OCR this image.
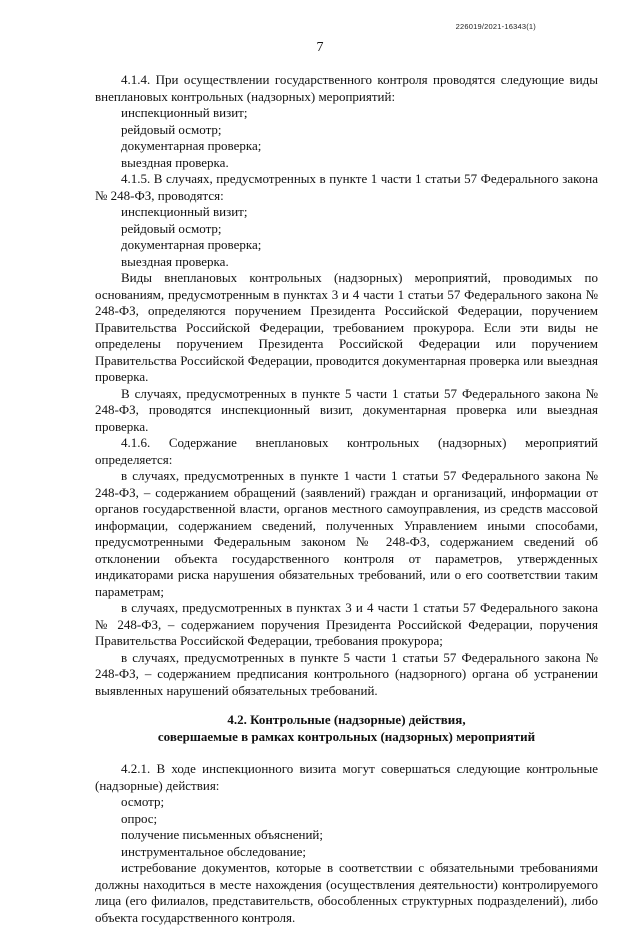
226019/2021-16343(1)
7

4.1.4. При осуществлении государственного контроля проводятся следующие виды внеплановых контрольных (надзорных) мероприятий:

инспекционный визит;

рейдовый осмотр;

документарная проверка;

выездная проверка.

4.1.5. В случаях, предусмотренных в пункте 1 части 1 статьи 57 Федерального закона № 248-ФЗ, проводятся:

инспекционный визит;

рейдовый осмотр;

документарная проверка;

выездная проверка.

Виды внеплановых контрольных (надзорных) мероприятий, проводимых по основаниям, предусмотренным в пунктах 3 и 4 части 1 статьи 57 Федерального закона № 248-ФЗ, определяются поручением Президента Российской Федерации, поручением Правительства Российской Федерации, требованием прокурора. Если эти виды не определены поручением Президента Российской Федерации или поручением Правительства Российской Федерации, проводится документарная проверка или выездная проверка.

В случаях, предусмотренных в пункте 5 части 1 статьи 57 Федерального закона № 248-ФЗ, проводятся инспекционный визит, документарная проверка или выездная проверка.

4.1.6. Содержание внеплановых контрольных (надзорных) мероприятий определяется:

в случаях, предусмотренных в пункте 1 части 1 статьи 57 Федерального закона № 248-ФЗ, – содержанием обращений (заявлений) граждан и организаций, информации от органов государственной власти, органов местного самоуправления, из средств массовой информации, содержанием сведений, полученных Управлением иными способами, предусмотренными Федеральным законом № 248-ФЗ, содержанием сведений об отклонении объекта государственного контроля от параметров, утвержденных индикаторами риска нарушения обязательных требований, или о его соответствии таким параметрам;

в случаях, предусмотренных в пунктах 3 и 4 части 1 статьи 57 Федерального закона № 248-ФЗ, – содержанием поручения Президента Российской Федерации, поручения Правительства Российской Федерации, требования прокурора;

в случаях, предусмотренных в пункте 5 части 1 статьи 57 Федерального закона № 248-ФЗ, – содержанием предписания контрольного (надзорного) органа об устранении выявленных нарушений обязательных требований.

4.2. Контрольные (надзорные) действия,
совершаемые в рамках контрольных (надзорных) мероприятий

4.2.1. В ходе инспекционного визита могут совершаться следующие контрольные (надзорные) действия:

осмотр;

опрос;

получение письменных объяснений;

инструментальное обследование;

истребование документов, которые в соответствии с обязательными требованиями должны находиться в месте нахождения (осуществления деятельности) контролируемого лица (его филиалов, представительств, обособленных структурных подразделений), либо объекта государственного контроля.
